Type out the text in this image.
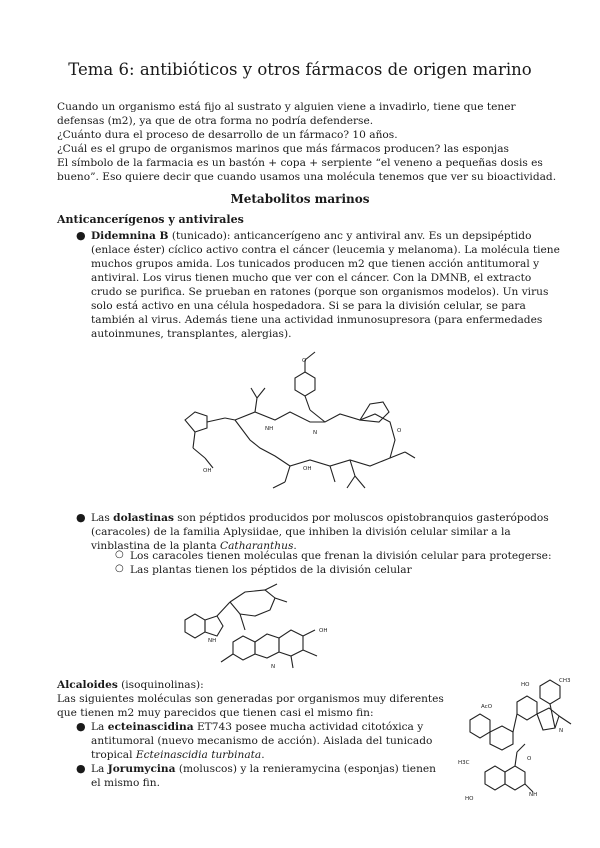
Tema 6: antibióticos y otros fármacos de origen marino
Cuando un organismo está fijo al sustrato y alguien viene a invadirlo, tiene que tener defensas (m2), ya que de otra forma no podría defenderse.
¿Cuánto dura el proceso de desarrollo de un fármaco? 10 años.
¿Cuál es el grupo de organismos marinos que más fármacos producen? las esponjas
El símbolo de la farmacia es un bastón + copa + serpiente “el veneno a pequeñas dosis es bueno”. Eso quiere decir que cuando usamos una molécula tenemos que ver su bioactividad.
Metabolitos marinos
Anticancerígenos y antivirales
● Didemnina B (tunicado): anticancerígeno anc y antiviral anv. Es un depsipéptido (enlace éster) cíclico activo contra el cáncer (leucemia y melanoma). La molécula tiene muchos grupos amida. Los tunicados producen m2 que tienen acción antitumoral y antiviral. Los virus tienen mucho que ver con el cáncer. Con la DMNB, el extracto crudo se purifica. Se prueban en ratones (porque son organismos modelos). Un virus solo está activo en una célula hospedadora. Si se para la división celular, se para también al virus. Además tiene una actividad inmunosupresora (para enfermedades autoinmunes, transplantes, alergias).
O
OH	OH
NH
N	O
● Las dolastinas son péptidos producidos por moluscos opistobranquios gasterópodos (caracoles) de la familia Aplysiidae, que inhiben la división celular similar a la vinblastina de la planta Catharanthus.
○ Los caracoles tienen moléculas que frenan la división celular para protegerse:
○ Las plantas tienen los péptidos de la división celular
NH
OH
N
Alcaloides (isoquinolinas):
Las siguientes moléculas son generadas por organismos muy diferentes que tienen m2 muy parecidos que tienen casi el mismo fin:
● La ecteinascidina ET743 posee mucha actividad citotóxica y antitumoral (nuevo mecanismo de acción). Aislada del tunicado tropical Ecteinascidia turbinata.
● La Jorumycina (moluscos) y la renieramycina (esponjas) tienen el mismo fin.
HO
CH3
AcO
H3C
HO
N
O
NH
